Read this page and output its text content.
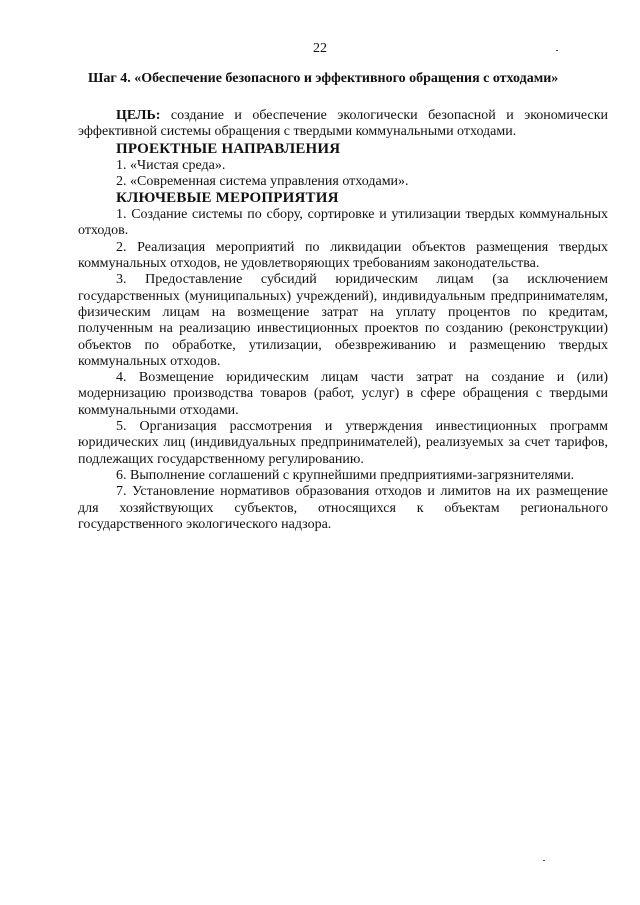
22
Шаг 4. «Обеспечение безопасного и эффективного обращения с отходами»

ЦЕЛЬ: создание и обеспечение экологически безопасной и экономически эффективной системы обращения с твердыми коммунальными отходами.

ПРОЕКТНЫЕ НАПРАВЛЕНИЯ

1. «Чистая среда».

2. «Современная система управления отходами».

КЛЮЧЕВЫЕ МЕРОПРИЯТИЯ

1. Создание системы по сбору, сортировке и утилизации твердых коммунальных отходов.

2. Реализация мероприятий по ликвидации объектов размещения твердых коммунальных отходов, не удовлетворяющих требованиям законодательства.

3. Предоставление субсидий юридическим лицам (за исключением государственных (муниципальных) учреждений), индивидуальным предпринимателям, физическим лицам на возмещение затрат на уплату процентов по кредитам, полученным на реализацию инвестиционных проектов по созданию (реконструкции) объектов по обработке, утилизации, обезвреживанию и размещению твердых коммунальных отходов.

4. Возмещение юридическим лицам части затрат на создание и (или) модернизацию производства товаров (работ, услуг) в сфере обращения с твердыми коммунальными отходами.

5. Организация рассмотрения и утверждения инвестиционных программ юридических лиц (индивидуальных предпринимателей), реализуемых за счет тарифов, подлежащих государственному регулированию.

6. Выполнение соглашений с крупнейшими предприятиями-загрязнителями.

7. Установление нормативов образования отходов и лимитов на их размещение для хозяйствующих субъектов, относящихся к объектам регионального государственного экологического надзора.
